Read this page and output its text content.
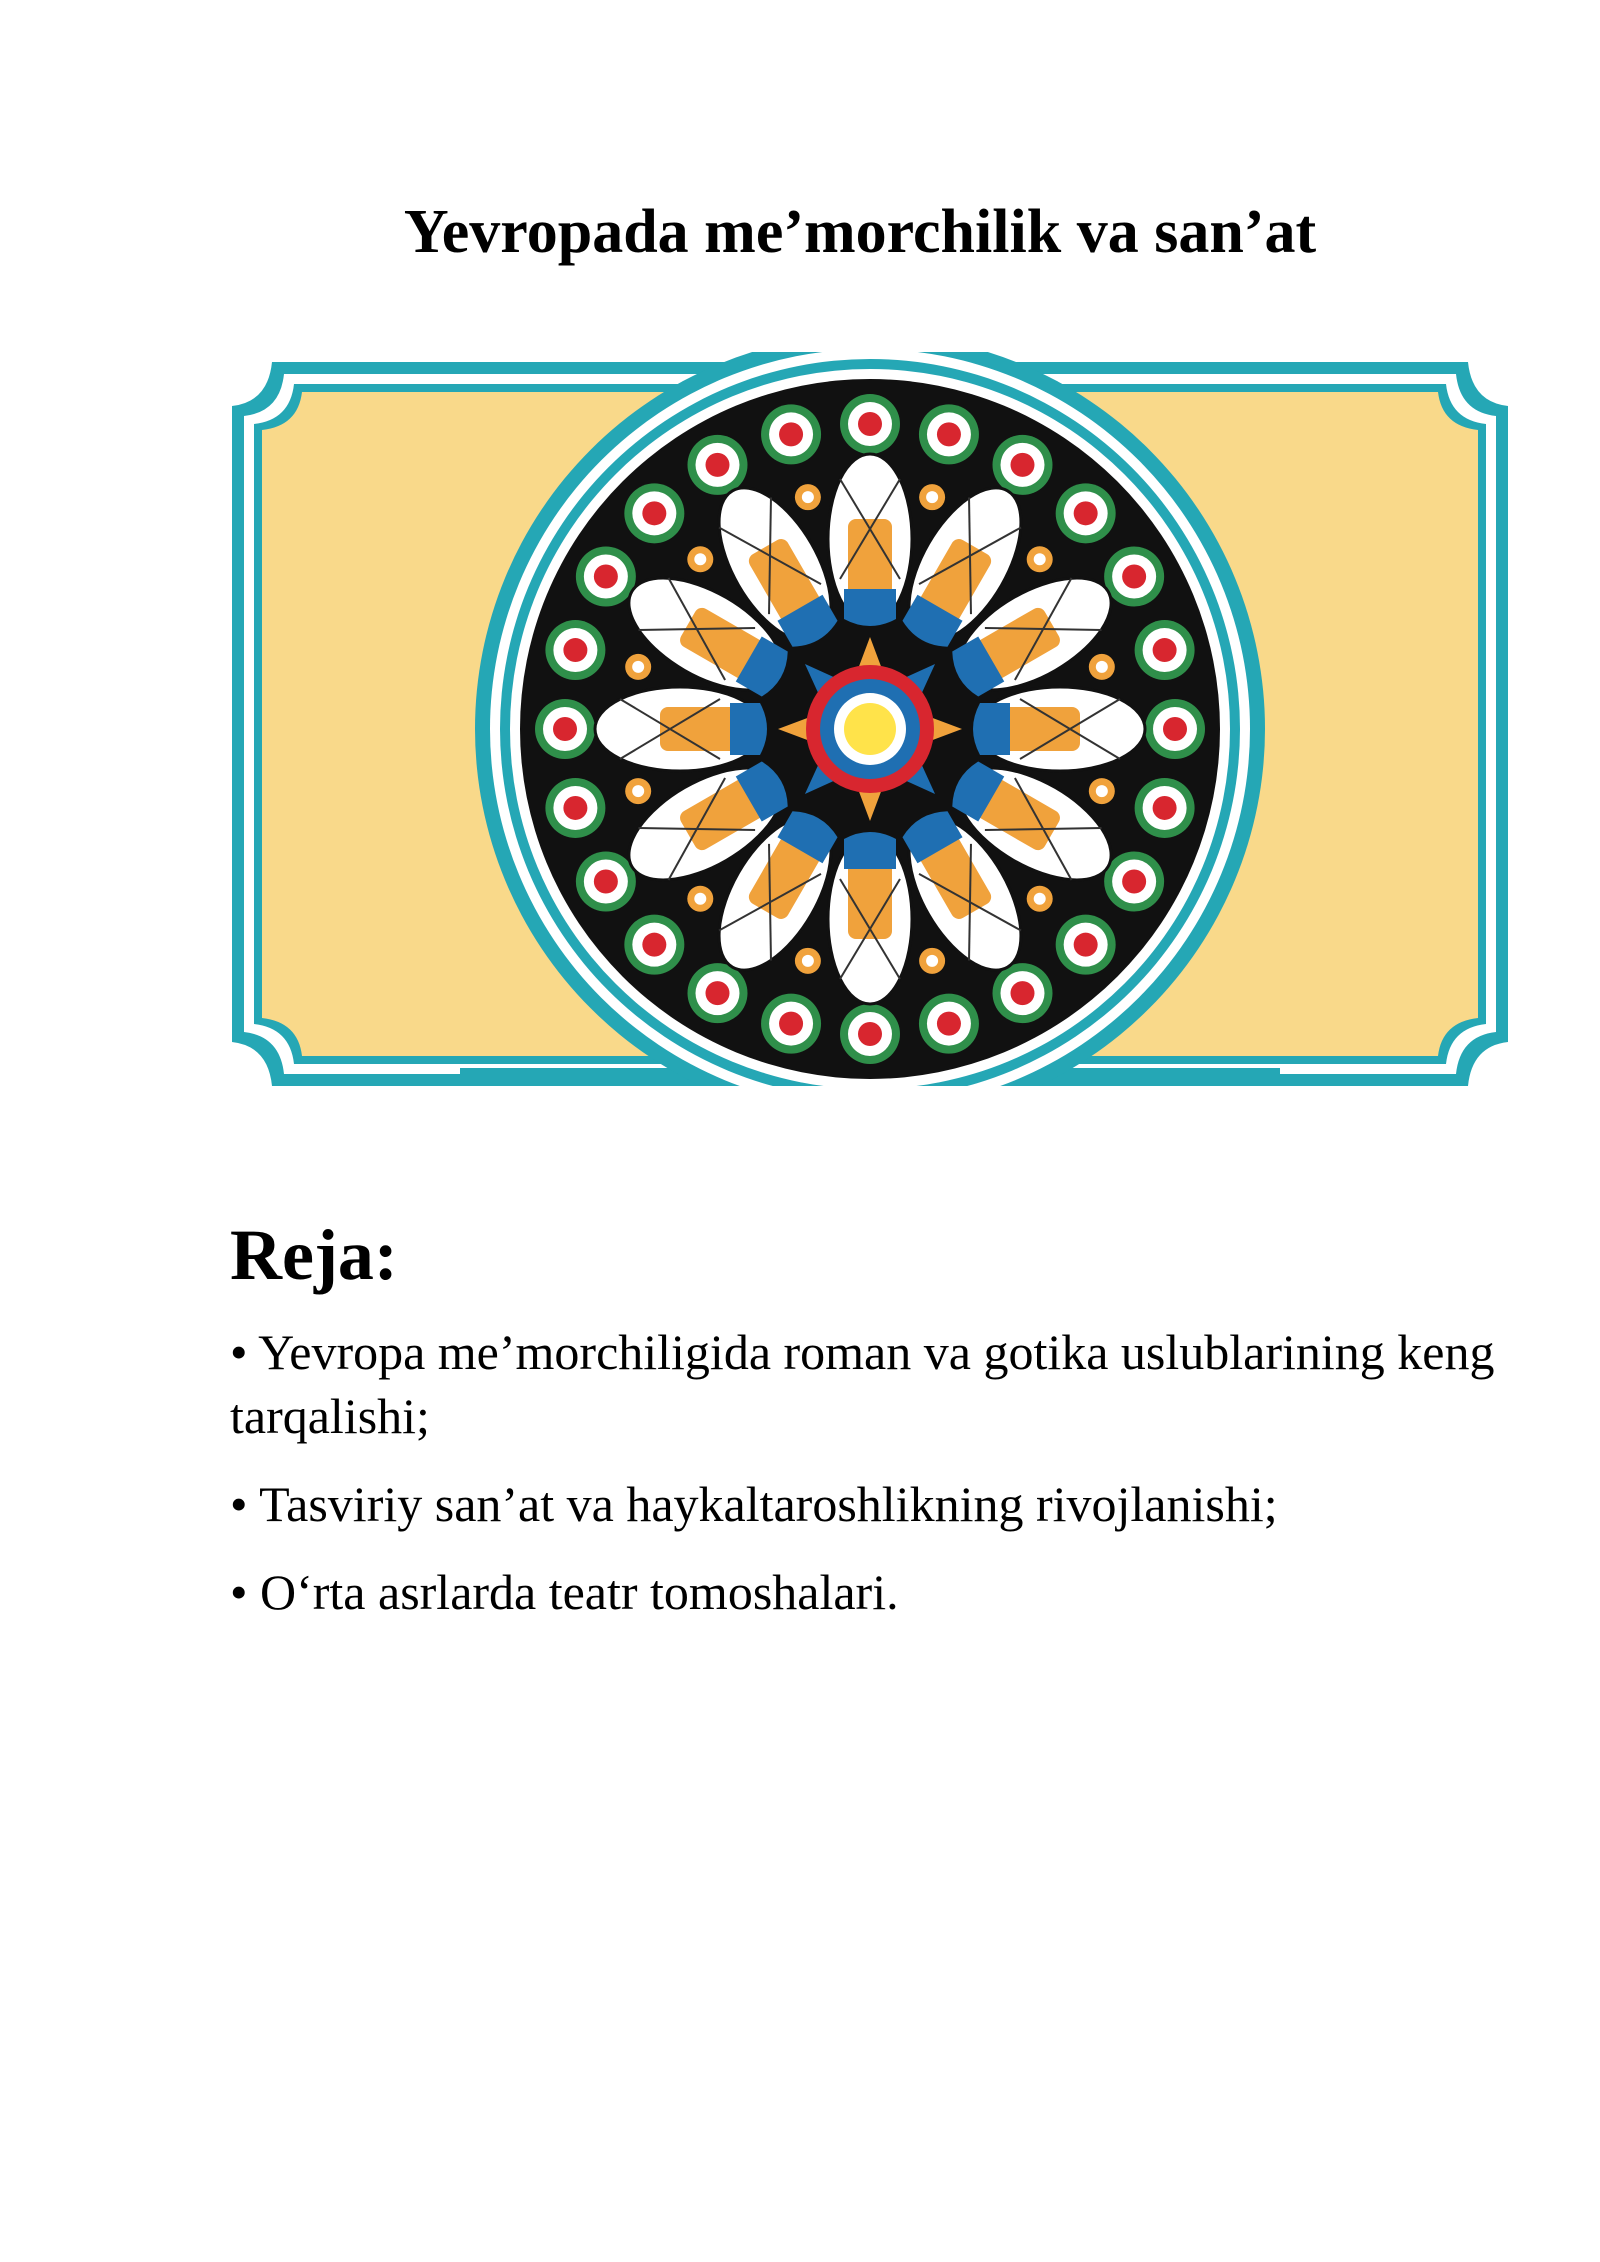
Yevropada me’morchilik va san’at
Reja:
• Yevropa me’morchiligida roman va gotika uslublarining keng tarqalishi;
• Tasviriy san’at va haykaltaroshlikning rivojlanishi;
• O‘rta asrlarda teatr tomoshalari.
